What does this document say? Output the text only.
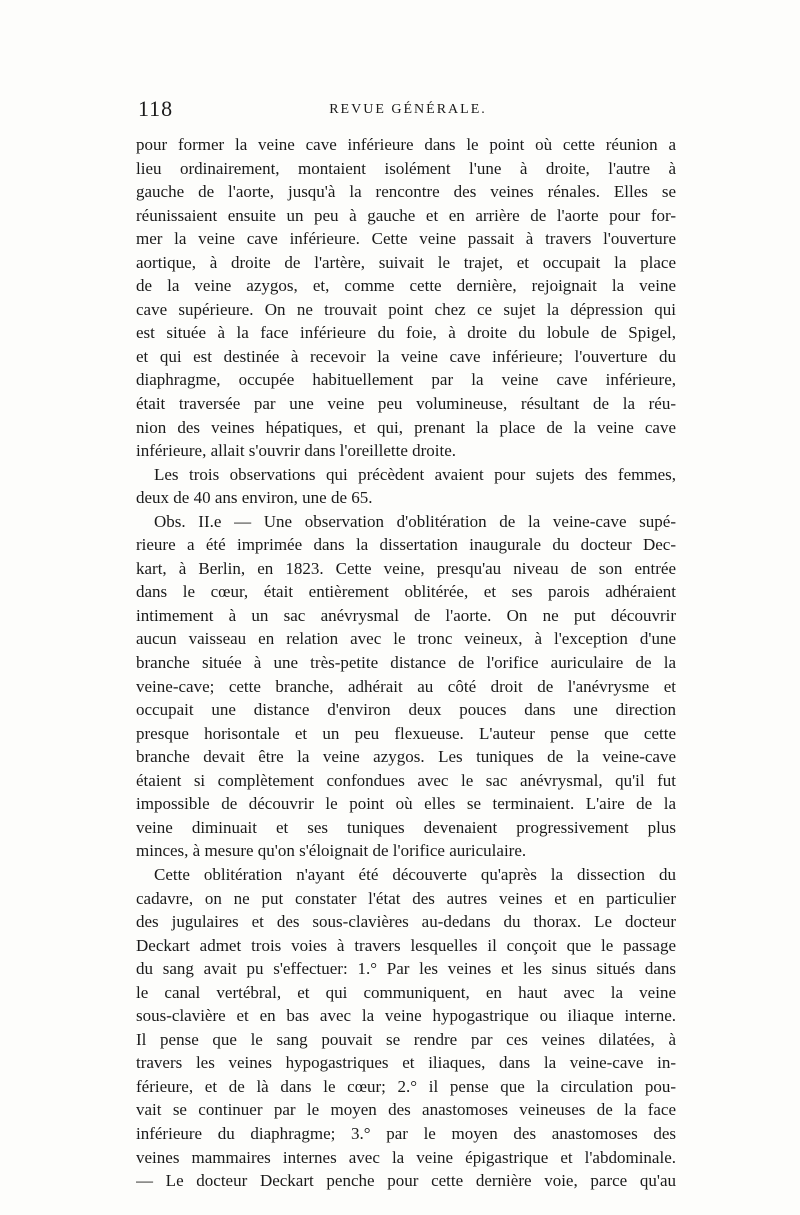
118	REVUE GÉNÉRALE.
pour former la veine cave inférieure dans le point où cette réunion a
lieu ordinairement, montaient isolément l'une à droite, l'autre à
gauche de l'aorte, jusqu'à la rencontre des veines rénales. Elles se
réunissaient ensuite un peu à gauche et en arrière de l'aorte pour for-
mer la veine cave inférieure. Cette veine passait à travers l'ouverture
aortique, à droite de l'artère, suivait le trajet, et occupait la place
de la veine azygos, et, comme cette dernière, rejoignait la veine
cave supérieure. On ne trouvait point chez ce sujet la dépression qui
est située à la face inférieure du foie, à droite du lobule de Spigel,
et qui est destinée à recevoir la veine cave inférieure; l'ouverture du
diaphragme, occupée habituellement par la veine cave inférieure,
était traversée par une veine peu volumineuse, résultant de la réu-
nion des veines hépatiques, et qui, prenant la place de la veine cave
inférieure, allait s'ouvrir dans l'oreillette droite.
Les trois observations qui précèdent avaient pour sujets des femmes,
deux de 40 ans environ, une de 65.
Obs. II.e — Une observation d'oblitération de la veine-cave supé-
rieure a été imprimée dans la dissertation inaugurale du docteur Dec-
kart, à Berlin, en 1823. Cette veine, presqu'au niveau de son entrée
dans le cœur, était entièrement oblitérée, et ses parois adhéraient
intimement à un sac anévrysmal de l'aorte. On ne put découvrir
aucun vaisseau en relation avec le tronc veineux, à l'exception d'une
branche située à une très-petite distance de l'orifice auriculaire de la
veine-cave; cette branche, adhérait au côté droit de l'anévrysme et
occupait une distance d'environ deux pouces dans une direction
presque horisontale et un peu flexueuse. L'auteur pense que cette
branche devait être la veine azygos. Les tuniques de la veine-cave
étaient si complètement confondues avec le sac anévrysmal, qu'il fut
impossible de découvrir le point où elles se terminaient. L'aire de la
veine diminuait et ses tuniques devenaient progressivement plus
minces, à mesure qu'on s'éloignait de l'orifice auriculaire.
Cette oblitération n'ayant été découverte qu'après la dissection du
cadavre, on ne put constater l'état des autres veines et en particulier
des jugulaires et des sous-clavières au-dedans du thorax. Le docteur
Deckart admet trois voies à travers lesquelles il conçoit que le passage
du sang avait pu s'effectuer: 1.° Par les veines et les sinus situés dans
le canal vertébral, et qui communiquent, en haut avec la veine
sous-clavière et en bas avec la veine hypogastrique ou iliaque interne.
Il pense que le sang pouvait se rendre par ces veines dilatées, à
travers les veines hypogastriques et iliaques, dans la veine-cave in-
férieure, et de là dans le cœur; 2.° il pense que la circulation pou-
vait se continuer par le moyen des anastomoses veineuses de la face
inférieure du diaphragme; 3.° par le moyen des anastomoses des
veines mammaires internes avec la veine épigastrique et l'abdominale.
— Le docteur Deckart penche pour cette dernière voie, parce qu'au
